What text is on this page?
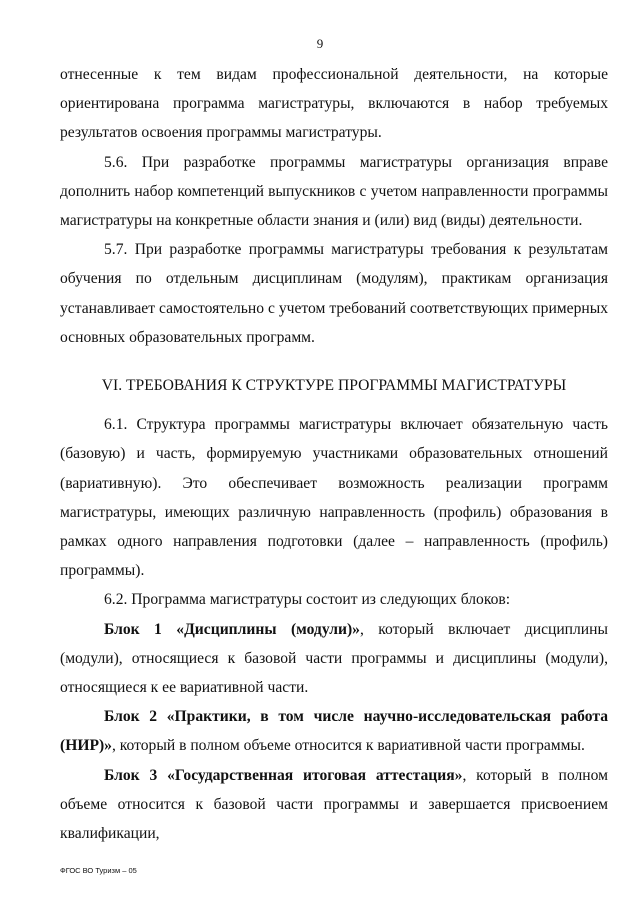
9

отнесенные к тем видам профессиональной деятельности, на которые ориентирована программа магистратуры, включаются в набор требуемых результатов освоения программы магистратуры.

5.6. При разработке программы магистратуры организация вправе дополнить набор компетенций выпускников с учетом направленности программы магистратуры на конкретные области знания и (или) вид (виды) деятельности.

5.7. При разработке программы магистратуры требования к результатам обучения по отдельным дисциплинам (модулям), практикам организация устанавливает самостоятельно с учетом требований соответствующих примерных основных образовательных программ.

VI. ТРЕБОВАНИЯ К СТРУКТУРЕ ПРОГРАММЫ МАГИСТРАТУРЫ

6.1. Структура программы магистратуры включает обязательную часть (базовую) и часть, формируемую участниками образовательных отношений (вариативную). Это обеспечивает возможность реализации программ магистратуры, имеющих различную направленность (профиль) образования в рамках одного направления подготовки (далее – направленность (профиль) программы).

6.2. Программа магистратуры состоит из следующих блоков:

Блок 1 «Дисциплины (модули)», который включает дисциплины (модули), относящиеся к базовой части программы и дисциплины (модули), относящиеся к ее вариативной части.

Блок 2 «Практики, в том числе научно-исследовательская работа (НИР)», который в полном объеме относится к вариативной части программы.

Блок 3 «Государственная итоговая аттестация», который в полном объеме относится к базовой части программы и завершается присвоением квалификации,

ФГОС ВО Туризм – 05
